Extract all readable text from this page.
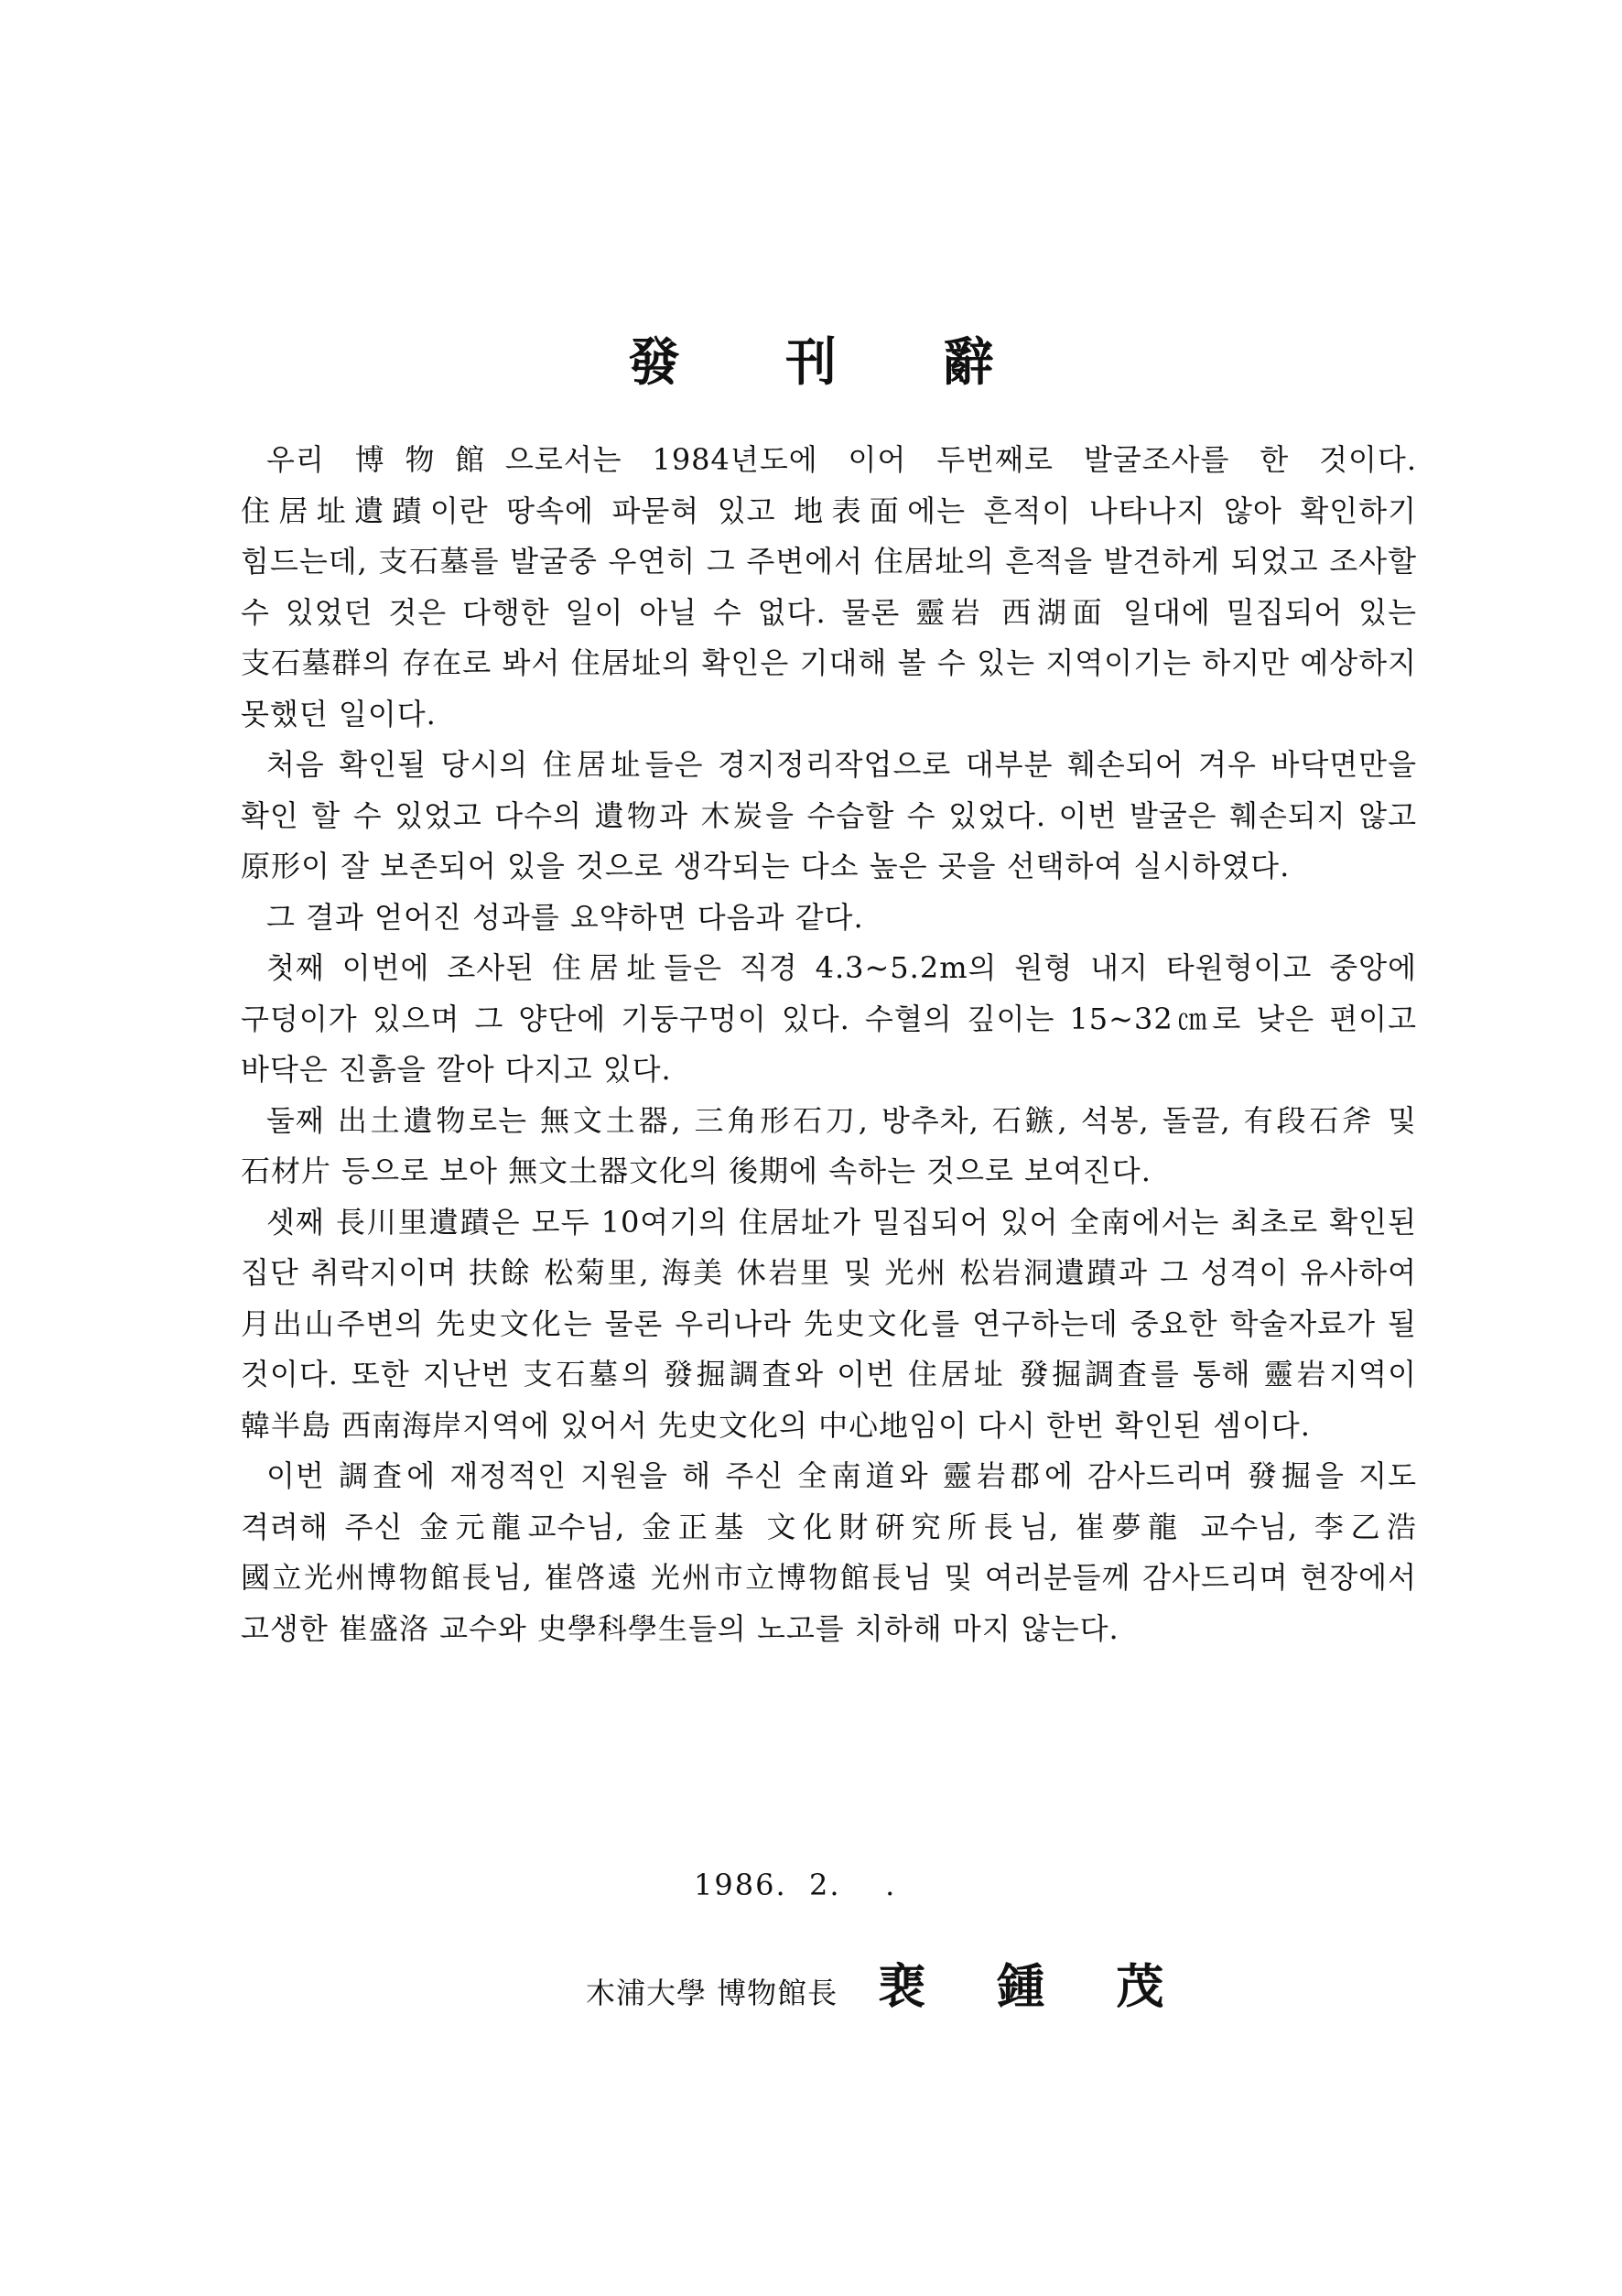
發 刊 辭

우리 博物館으로서는 1984년도에 이어 두번째로 발굴조사를 한 것이다. 住居址遺蹟이란 땅속에 파묻혀 있고 地表面에는 흔적이 나타나지 않아 확인하기 힘드는데, 支石墓를 발굴중 우연히 그 주변에서 住居址의 흔적을 발견하게 되었고 조사할 수 있었던 것은 다행한 일이 아닐 수 없다. 물론 靈岩 西湖面 일대에 밀집되어 있는 支石墓群의 存在로 봐서 住居址의 확인은 기대해 볼 수 있는 지역이기는 하지만 예상하지 못했던 일이다.

처음 확인될 당시의 住居址들은 경지정리작업으로 대부분 훼손되어 겨우 바닥면만을 확인 할 수 있었고 다수의 遺物과 木炭을 수습할 수 있었다. 이번 발굴은 훼손되지 않고 原形이 잘 보존되어 있을 것으로 생각되는 다소 높은 곳을 선택하여 실시하였다.

그 결과 얻어진 성과를 요약하면 다음과 같다.

첫째 이번에 조사된 住居址들은 직경 4.3~5.2m의 원형 내지 타원형이고 중앙에 구덩이가 있으며 그 양단에 기둥구멍이 있다. 수혈의 깊이는 15~32㎝로 낮은 편이고 바닥은 진흙을 깔아 다지고 있다.

둘째 出土遺物로는 無文土器, 三角形石刀, 방추차, 石鏃, 석봉, 돌끌, 有段石斧 및 石材片 등으로 보아 無文土器文化의 後期에 속하는 것으로 보여진다.

셋째 長川里遺蹟은 모두 10여기의 住居址가 밀집되어 있어 全南에서는 최초로 확인된 집단 취락지이며 扶餘 松菊里, 海美 休岩里 및 光州 松岩洞遺蹟과 그 성격이 유사하여 月出山주변의 先史文化는 물론 우리나라 先史文化를 연구하는데 중요한 학술자료가 될 것이다. 또한 지난번 支石墓의 發掘調査와 이번 住居址 發掘調査를 통해 靈岩지역이 韓半島 西南海岸지역에 있어서 先史文化의 中心地임이 다시 한번 확인된 셈이다.

이번 調査에 재정적인 지원을 해 주신 全南道와 靈岩郡에 감사드리며 發掘을 지도 격려해 주신 金元龍교수님, 金正基 文化財硏究所長님, 崔夢龍 교수님, 李乙浩 國立光州博物館長님, 崔啓遠 光州市立博物館長님 및 여러분들께 감사드리며 현장에서 고생한 崔盛洛 교수와 史學科學生들의 노고를 치하해 마지 않는다.

1986.  2.    .
木浦大學 博物館長 裵 鍾 茂
